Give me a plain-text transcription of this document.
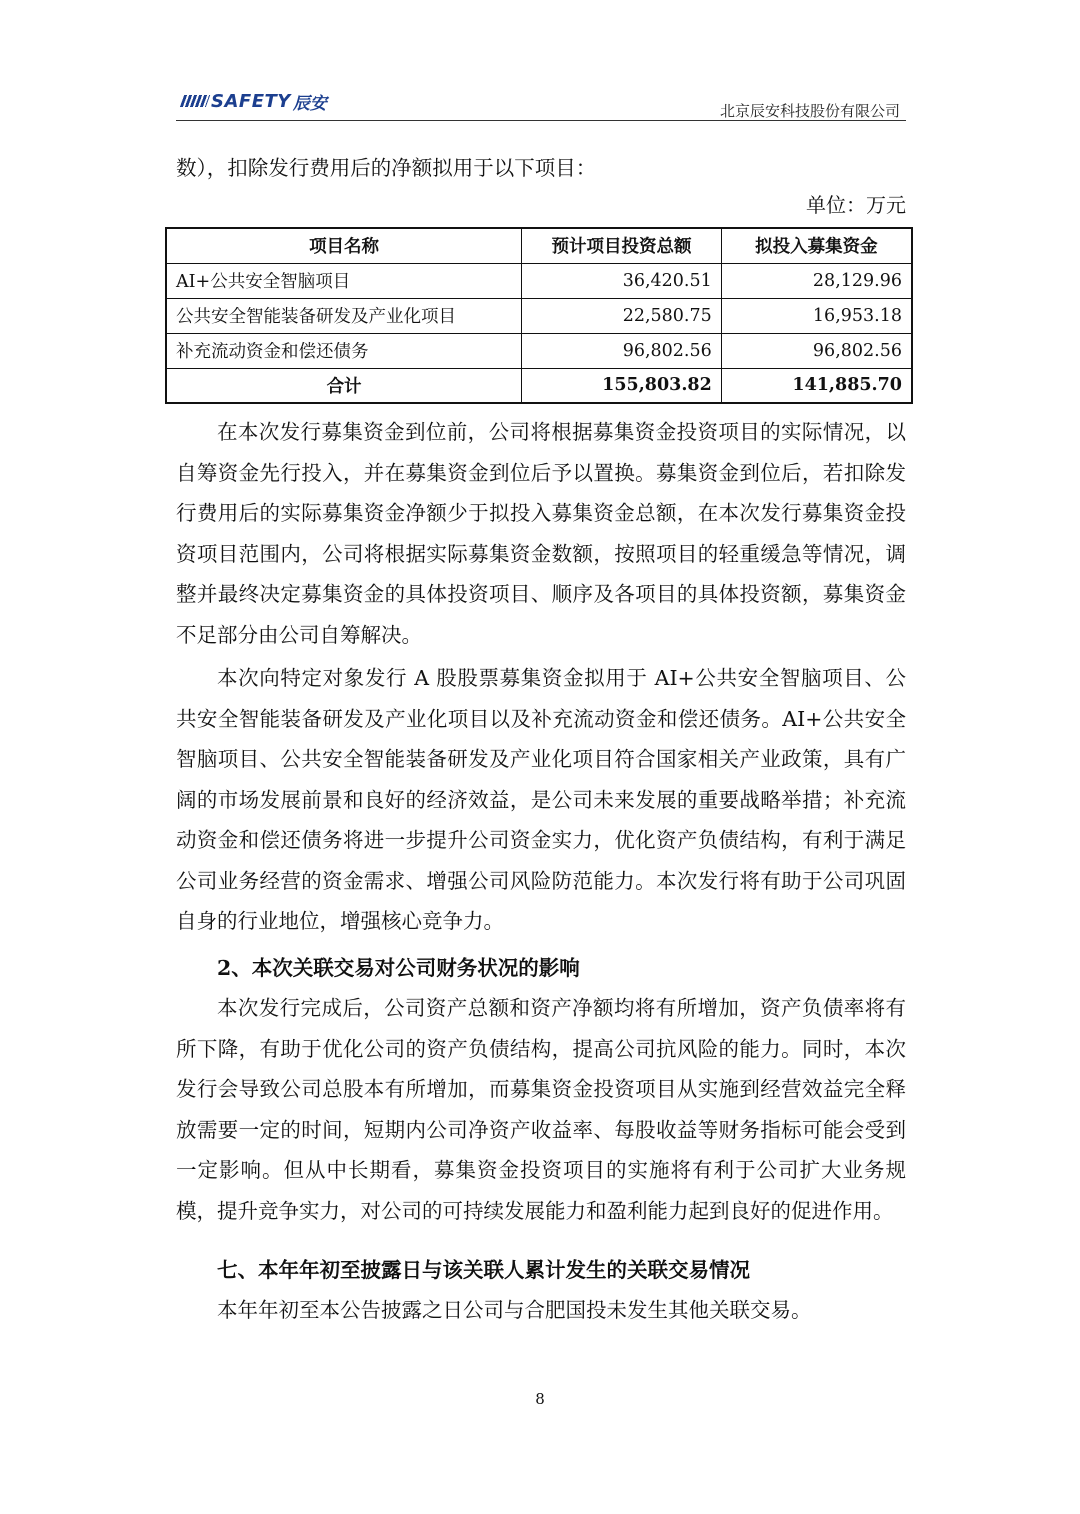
SAFETY 辰安	北京辰安科技股份有限公司

数），扣除发行费用后的净额拟用于以下项目：

单位：万元
项目名称	预计项目投资总额	拟投入募集资金
AI+公共安全智脑项目	36,420.51	28,129.96
公共安全智能装备研发及产业化项目	22,580.75	16,953.18
补充流动资金和偿还债务	96,802.56	96,802.56
合计	155,803.82	141,885.70

在本次发行募集资金到位前，公司将根据募集资金投资项目的实际情况，以自筹资金先行投入，并在募集资金到位后予以置换。募集资金到位后，若扣除发行费用后的实际募集资金净额少于拟投入募集资金总额，在本次发行募集资金投资项目范围内，公司将根据实际募集资金数额，按照项目的轻重缓急等情况，调整并最终决定募集资金的具体投资项目、顺序及各项目的具体投资额，募集资金不足部分由公司自筹解决。

本次向特定对象发行 A 股股票募集资金拟用于 AI+公共安全智脑项目、公共安全智能装备研发及产业化项目以及补充流动资金和偿还债务。AI+公共安全智脑项目、公共安全智能装备研发及产业化项目符合国家相关产业政策，具有广阔的市场发展前景和良好的经济效益，是公司未来发展的重要战略举措；补充流动资金和偿还债务将进一步提升公司资金实力，优化资产负债结构，有利于满足公司业务经营的资金需求、增强公司风险防范能力。本次发行将有助于公司巩固自身的行业地位，增强核心竞争力。

2、本次关联交易对公司财务状况的影响

本次发行完成后，公司资产总额和资产净额均将有所增加，资产负债率将有所下降，有助于优化公司的资产负债结构，提高公司抗风险的能力。同时，本次发行会导致公司总股本有所增加，而募集资金投资项目从实施到经营效益完全释放需要一定的时间，短期内公司净资产收益率、每股收益等财务指标可能会受到一定影响。但从中长期看，募集资金投资项目的实施将有利于公司扩大业务规模，提升竞争实力，对公司的可持续发展能力和盈利能力起到良好的促进作用。

七、本年年初至披露日与该关联人累计发生的关联交易情况

本年年初至本公告披露之日公司与合肥国投未发生其他关联交易。

8
